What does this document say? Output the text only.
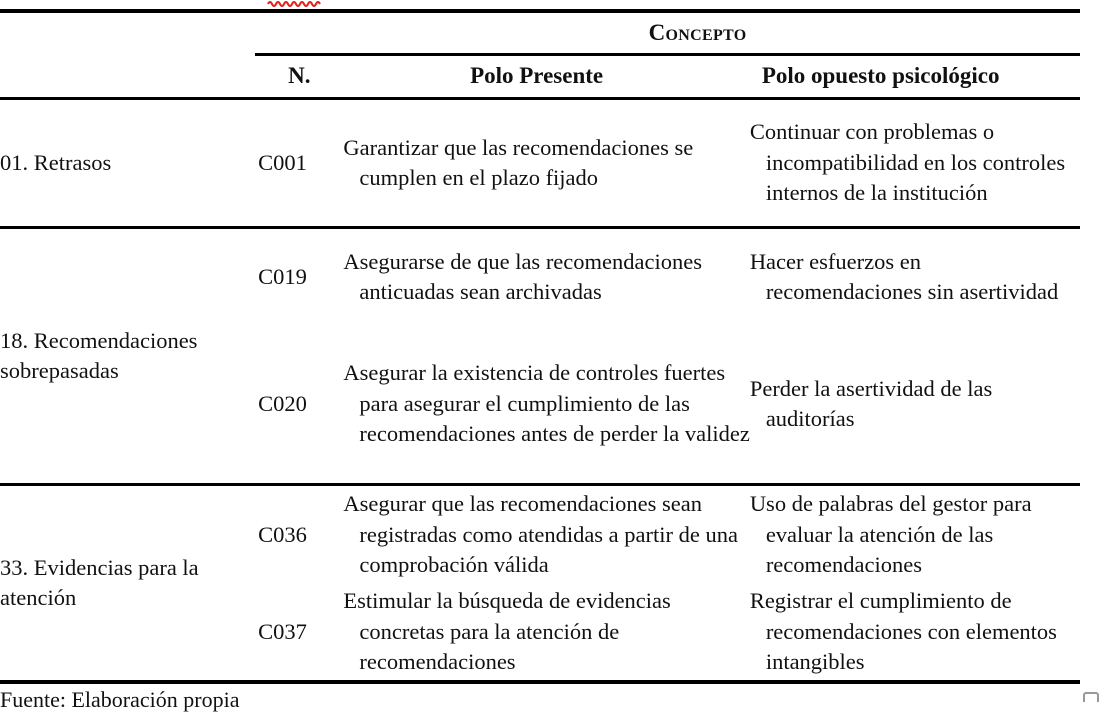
	Concepto		
	N.	Polo Presente	Polo opuesto psicológico
01. Retrasos	C001	Garantizar que las recomendaciones se cumplen en el plazo fijado	Continuar con problemas o incompatibilidad en los controles internos de la institución
18. Recomendaciones sobrepasadas	C019	Asegurarse de que las recomendaciones anticuadas sean archivadas	Hacer esfuerzos en recomendaciones sin asertividad
	C020	Asegurar la existencia de controles fuertes para asegurar el cumplimiento de las recomendaciones antes de perder la validez	Perder la asertividad de las auditorías
33. Evidencias para la atención	C036	Asegurar que las recomendaciones sean registradas como atendidas a partir de una comprobación válida	Uso de palabras del gestor para evaluar la atención de las recomendaciones
	C037	Estimular la búsqueda de evidencias concretas para la atención de recomendaciones	Registrar el cumplimiento de recomendaciones con elementos intangibles
Fuente: Elaboración propia
